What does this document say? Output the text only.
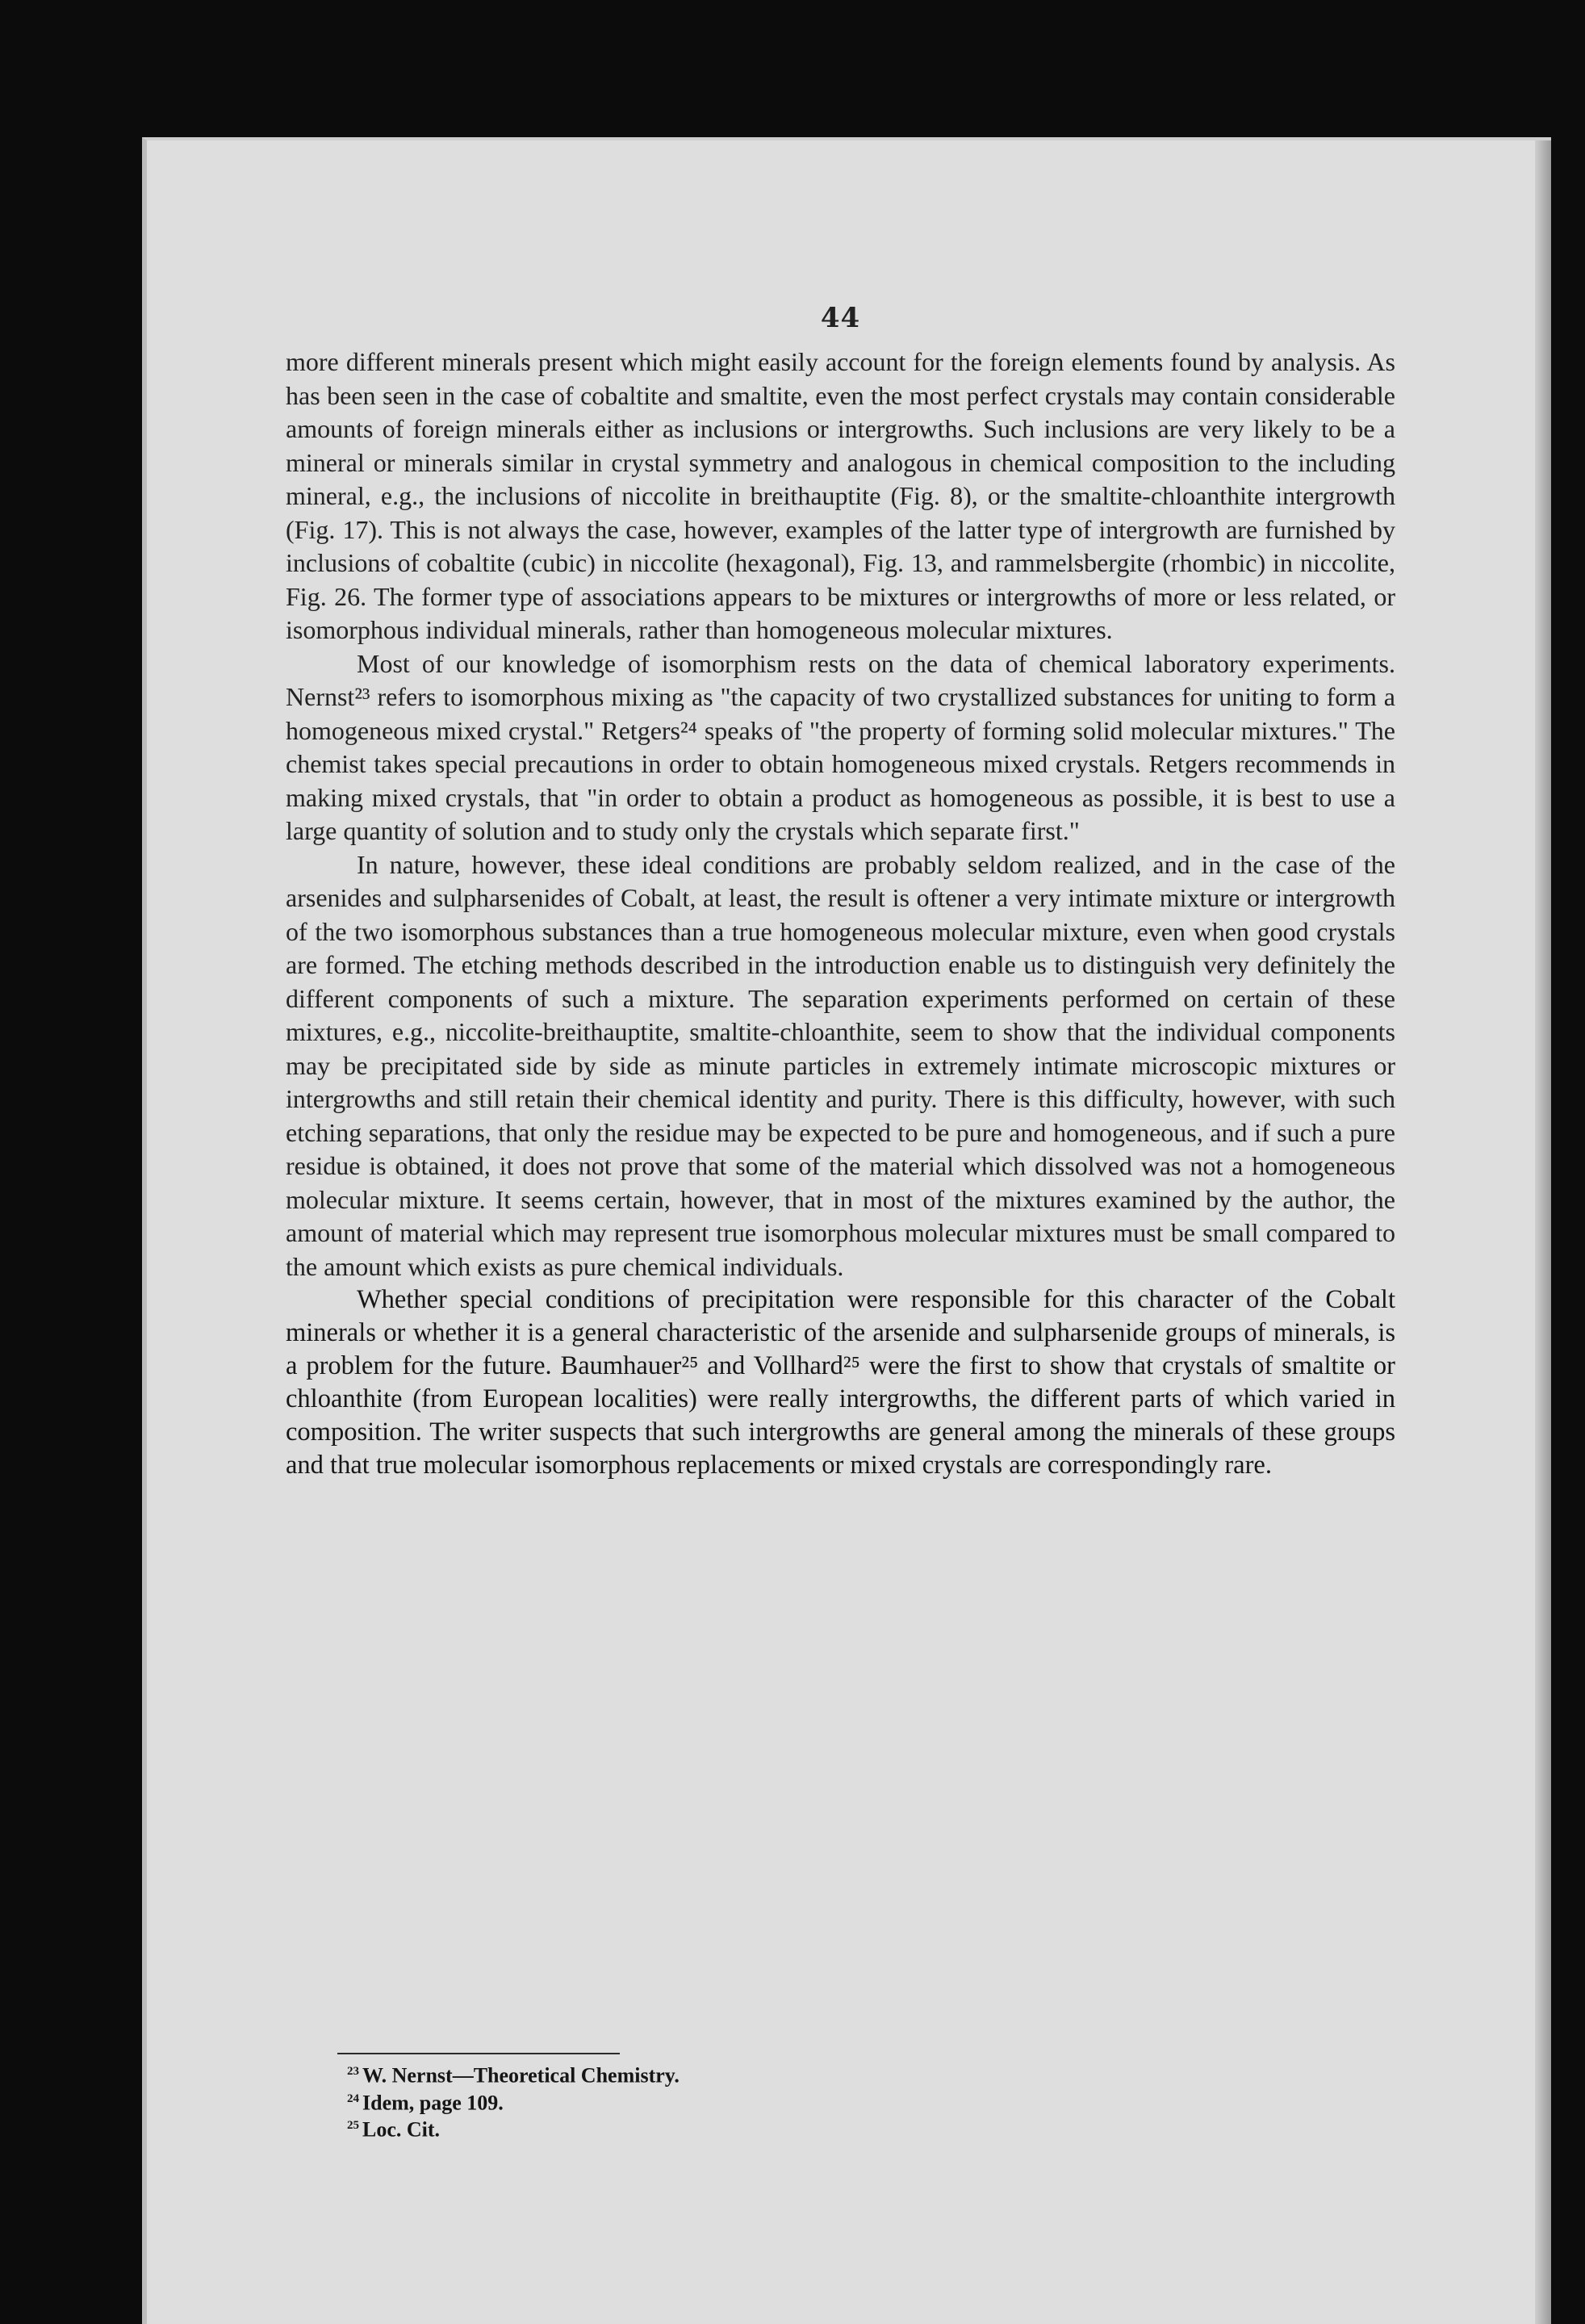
44

more different minerals present which might easily account for the foreign elements found by analysis. As has been seen in the case of cobaltite and smaltite, even the most perfect crystals may contain considerable amounts of foreign minerals either as inclusions or intergrowths. Such inclusions are very likely to be a mineral or minerals similar in crystal symmetry and analogous in chemical composition to the including mineral, e.g., the inclusions of niccolite in breithauptite (Fig. 8), or the smaltite-chloanthite intergrowth (Fig. 17). This is not always the case, however, examples of the latter type of intergrowth are furnished by inclusions of cobaltite (cubic) in niccolite (hexagonal), Fig. 13, and rammelsbergite (rhombic) in niccolite, Fig. 26. The former type of associations appears to be mixtures or intergrowths of more or less related, or isomorphous individual minerals, rather than homogeneous molecular mixtures.

Most of our knowledge of isomorphism rests on the data of chemical laboratory experiments. Nernst²³ refers to isomorphous mixing as "the capacity of two crystallized substances for uniting to form a homogeneous mixed crystal." Retgers²⁴ speaks of "the property of forming solid molecular mixtures." The chemist takes special precautions in order to obtain homogeneous mixed crystals. Retgers recommends in making mixed crystals, that "in order to obtain a product as homogeneous as possible, it is best to use a large quantity of solution and to study only the crystals which separate first."

In nature, however, these ideal conditions are probably seldom realized, and in the case of the arsenides and sulpharsenides of Cobalt, at least, the result is oftener a very intimate mixture or intergrowth of the two isomorphous substances than a true homogeneous molecular mixture, even when good crystals are formed. The etching methods described in the introduction enable us to distinguish very definitely the different components of such a mixture. The separation experiments performed on certain of these mixtures, e.g., niccolite-breithauptite, smaltite-chloanthite, seem to show that the individual components may be precipitated side by side as minute particles in extremely intimate microscopic mixtures or intergrowths and still retain their chemical identity and purity. There is this difficulty, however, with such etching separations, that only the residue may be expected to be pure and homogeneous, and if such a pure residue is obtained, it does not prove that some of the material which dissolved was not a homogeneous molecular mixture. It seems certain, however, that in most of the mixtures examined by the author, the amount of material which may represent true isomorphous molecular mixtures must be small compared to the amount which exists as pure chemical individuals.

Whether special conditions of precipitation were responsible for this character of the Cobalt minerals or whether it is a general characteristic of the arsenide and sulpharsenide groups of minerals, is a problem for the future. Baumhauer²⁵ and Vollhard²⁵ were the first to show that crystals of smaltite or chloanthite (from European localities) were really intergrowths, the different parts of which varied in composition. The writer suspects that such intergrowths are general among the minerals of these groups and that true molecular isomorphous replacements or mixed crystals are correspondingly rare.

$^{23}$ W. Nernst—Theoretical Chemistry.
$^{24}$ Idem, page 109.
$^{25}$ Loc. Cit.
